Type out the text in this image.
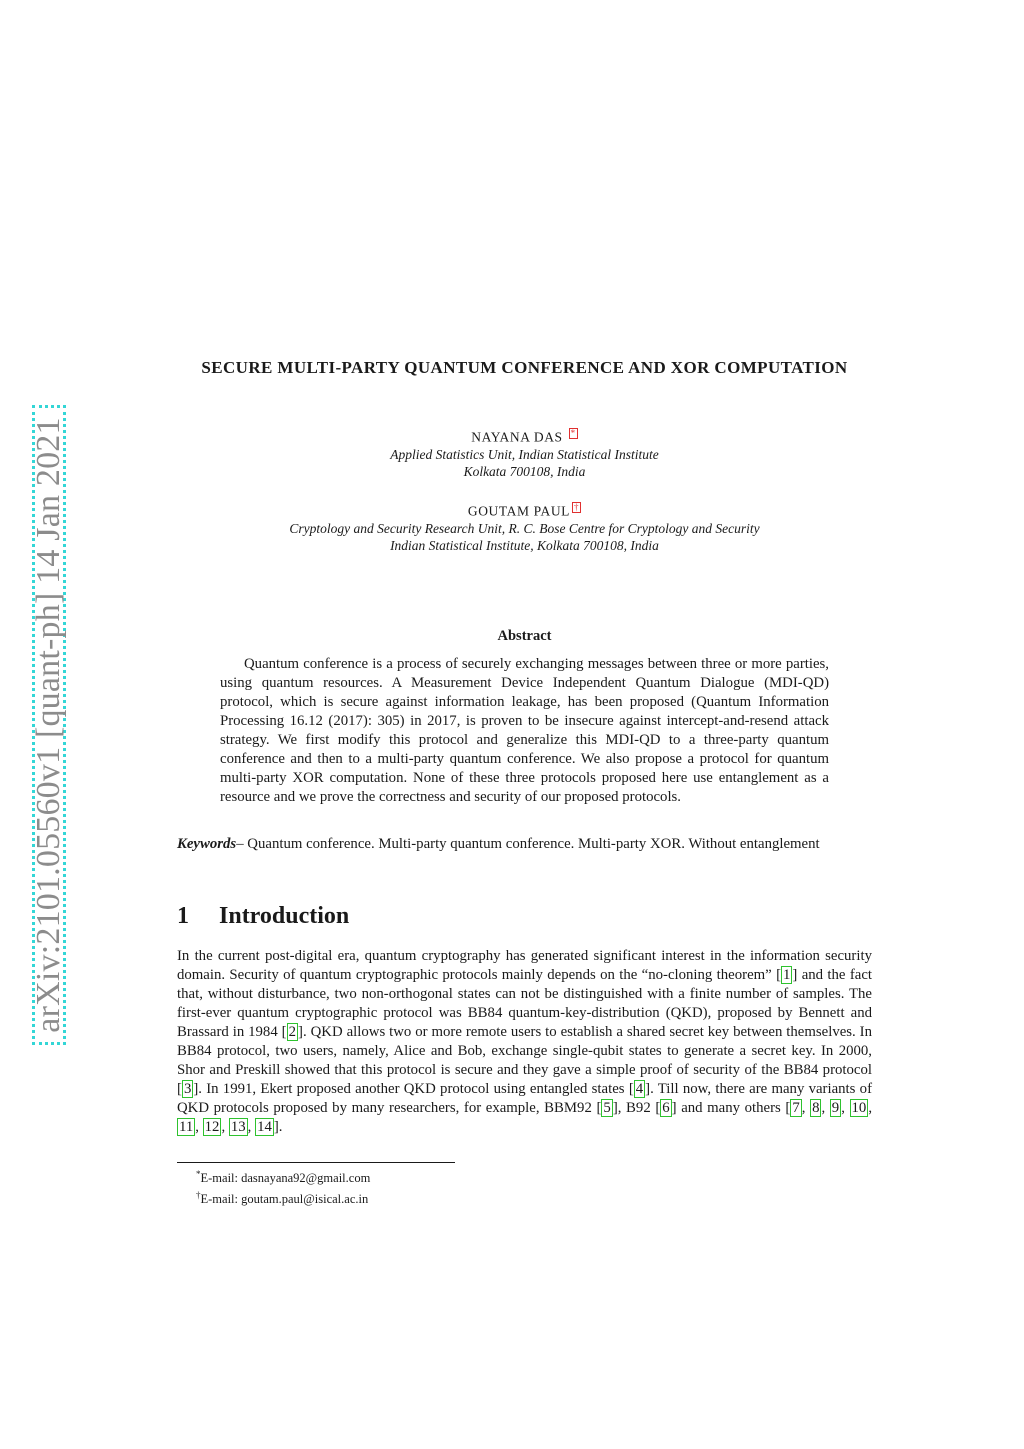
arXiv:2101.05560v1 [quant-ph] 14 Jan 2021
SECURE MULTI-PARTY QUANTUM CONFERENCE AND XOR COMPUTATION
NAYANA DAS *
Applied Statistics Unit, Indian Statistical Institute
Kolkata 700108, India
GOUTAM PAUL †
Cryptology and Security Research Unit, R. C. Bose Centre for Cryptology and Security
Indian Statistical Institute, Kolkata 700108, India
Abstract
Quantum conference is a process of securely exchanging messages between three or more parties, using quantum resources. A Measurement Device Independent Quantum Dialogue (MDI-QD) protocol, which is secure against information leakage, has been proposed (Quantum Information Processing 16.12 (2017): 305) in 2017, is proven to be insecure against intercept-and-resend attack strategy. We first modify this protocol and generalize this MDI-QD to a three-party quantum conference and then to a multi-party quantum conference. We also propose a protocol for quantum multi-party XOR computation. None of these three protocols proposed here use entanglement as a resource and we prove the correctness and security of our proposed protocols.
Keywords– Quantum conference. Multi-party quantum conference. Multi-party XOR. Without entanglement
1 Introduction
In the current post-digital era, quantum cryptography has generated significant interest in the information security domain. Security of quantum cryptographic protocols mainly depends on the “no-cloning theorem” [ 1 ] and the fact that, without disturbance, two non-orthogonal states can not be distinguished with a finite number of samples. The first-ever quantum cryptographic protocol was BB84 quantum-key-distribution (QKD), proposed by Bennett and Brassard in 1984 [ 2 ]. QKD allows two or more remote users to establish a shared secret key between themselves. In BB84 protocol, two users, namely, Alice and Bob, exchange single-qubit states to generate a secret key. In 2000, Shor and Preskill showed that this protocol is secure and they gave a simple proof of security of the BB84 protocol [ 3 ]. In 1991, Ekert proposed another QKD protocol using entangled states [ 4 ]. Till now, there are many variants of QKD protocols proposed by many researchers, for example, BBM92 [ 5 ], B92 [ 6 ] and many others [ 7 , 8 , 9 , 10 , 11 , 12 , 13 , 14 ].
*E-mail: dasnayana92@gmail.com
†E-mail: goutam.paul@isical.ac.in
